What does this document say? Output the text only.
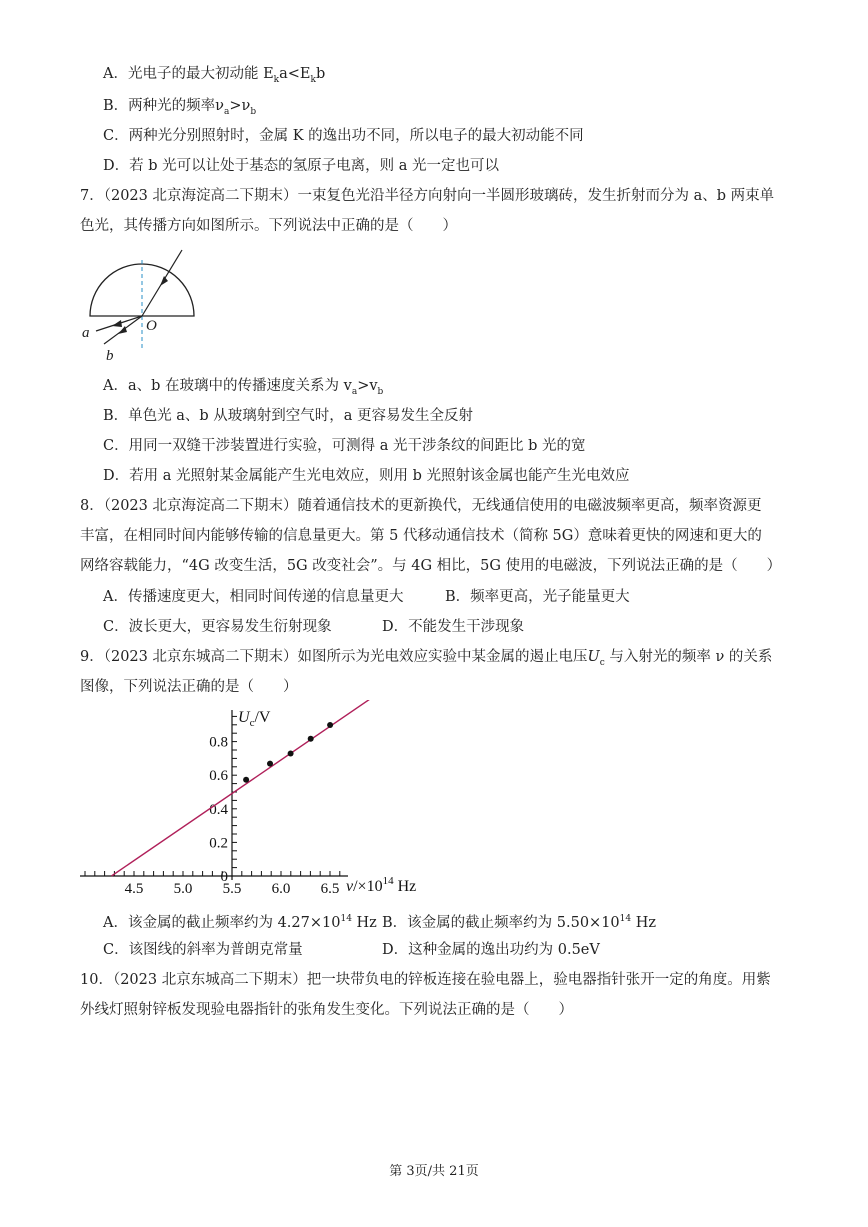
A．光电子的最大初动能 $E_ka<E_kb$
B．两种光的频率$\nu_a>\nu_b$
C．两种光分别照射时，金属 K 的逸出功不同，所以电子的最大初动能不同
D．若 b 光可以让处于基态的氢原子电离，则 a 光一定也可以
7．（2023 北京海淀高二下期末）一束复色光沿半径方向射向一半圆形玻璃砖，发生折射而分为 a、b 两束单
色光，其传播方向如图所示。下列说法中正确的是（　　）
a
b
O
A．a、b 在玻璃中的传播速度关系为 $v_a>v_b$
B．单色光 a、b 从玻璃射到空气时，a 更容易发生全反射
C．用同一双缝干涉装置进行实验，可测得 a 光干涉条纹的间距比 b 光的宽
D．若用 a 光照射某金属能产生光电效应，则用 b 光照射该金属也能产生光电效应
8．（2023 北京海淀高二下期末）随着通信技术的更新换代，无线通信使用的电磁波频率更高，频率资源更
丰富，在相同时间内能够传输的信息量更大。第 5 代移动通信技术（简称 5G）意味着更快的网速和更大的
网络容载能力，“4G 改变生活，5G 改变社会”。与 4G 相比，5G 使用的电磁波，下列说法正确的是（　　）
A．传播速度更大，相同时间传递的信息量更大	B．频率更高，光子能量更大
C．波长更大，更容易发生衍射现象	D．不能发生干涉现象
9．（2023 北京东城高二下期末）如图所示为光电效应实验中某金属的遏止电压$U_c$ 与入射光的频率 ν 的关系
图像，下列说法正确的是（　　）
4.5 5.0 5.5 6.0 6.5
0
0.2
0.4
0.6
0.8
$U_c/V$
$\nu/\times 10^{14}$ Hz
A．该金属的截止频率约为 $4.27\times 10^{14}$ Hz B．该金属的截止频率约为 $5.50\times 10^{14}$ Hz
C．该图线的斜率为普朗克常量	D．这种金属的逸出功约为 0.5eV
10．（2023 北京东城高二下期末）把一块带负电的锌板连接在验电器上，验电器指针张开一定的角度。用紫
外线灯照射锌板发现验电器指针的张角发生变化。下列说法正确的是（　　）
第 3页/共 21页
